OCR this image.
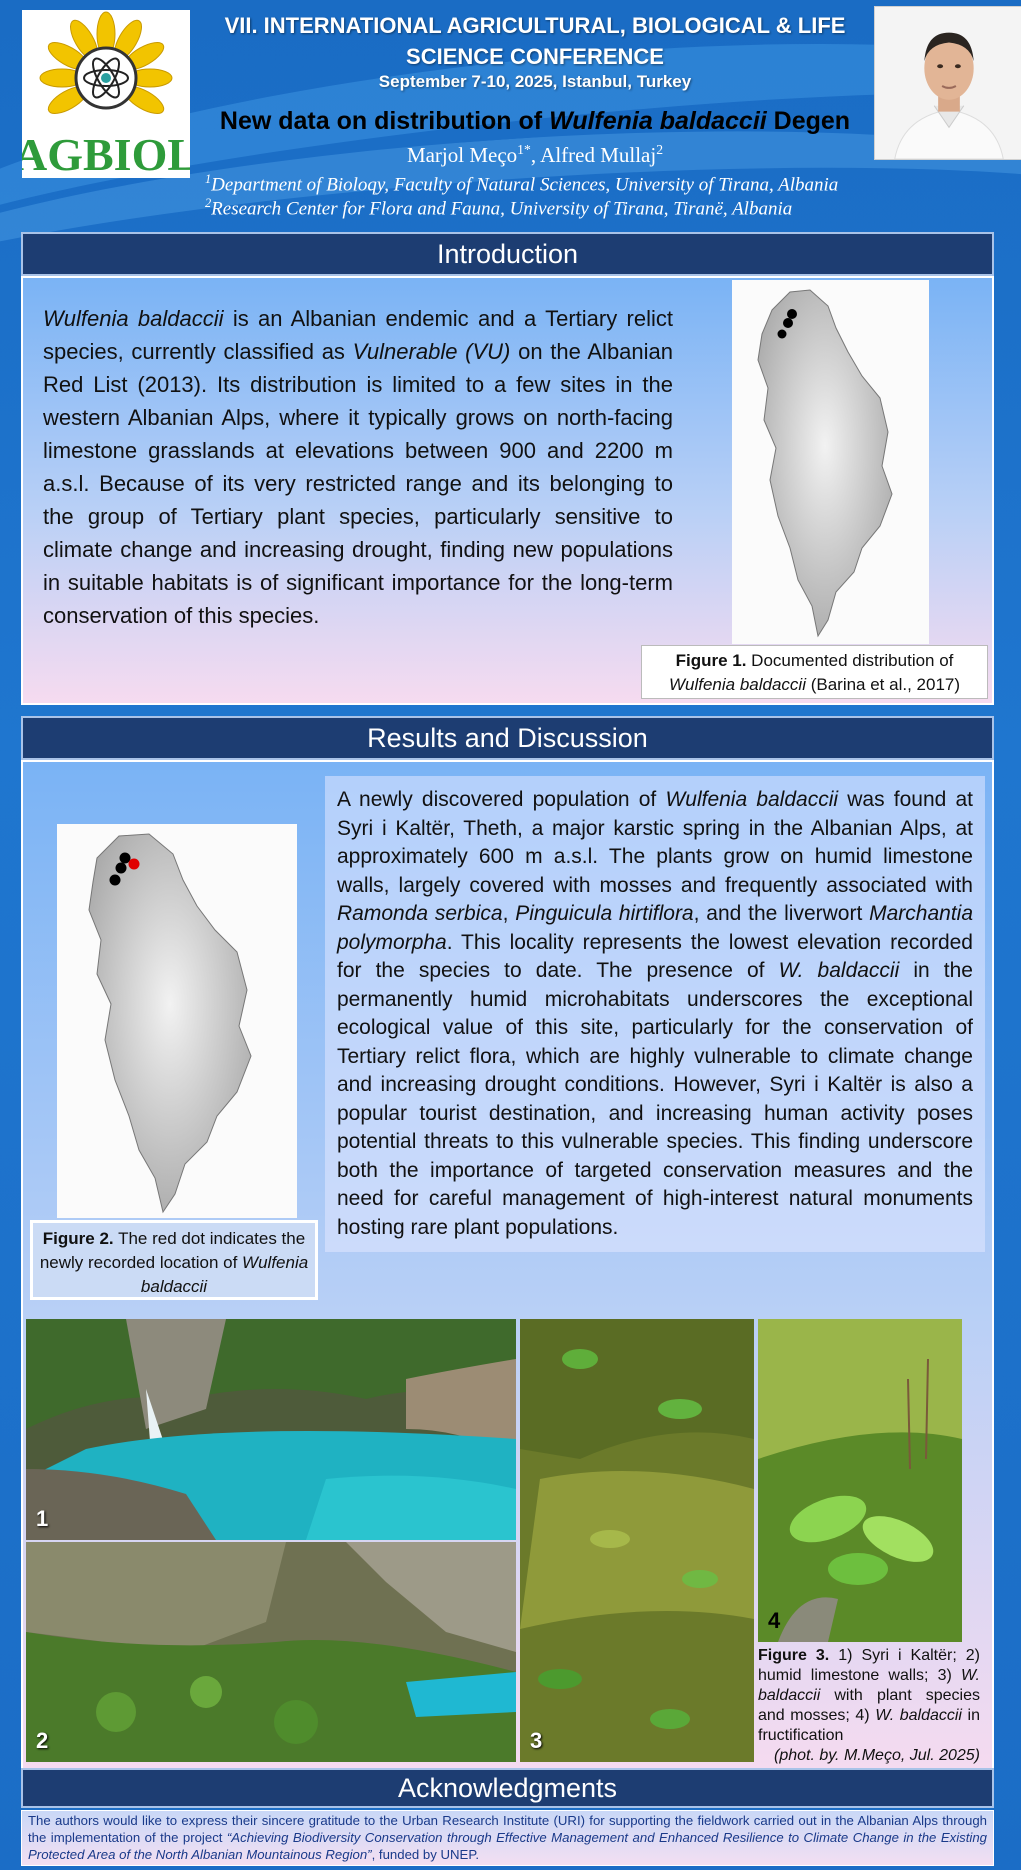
AGBIOL
VII. INTERNATIONAL AGRICULTURAL, BIOLOGICAL & LIFE
SCIENCE CONFERENCE
September 7-10, 2025, Istanbul, Turkey
New data on distribution of Wulfenia baldaccii Degen
Marjol Meço$^{1*}$, Alfred Mullaj$^2$
$^1$Department of Bioloqy, Faculty of Natural Sciences, University of Tirana, Albania
$^2$Research Center for Flora and Fauna, University of Tirana, Tiranë, Albania
Introduction

Wulfenia baldaccii is an Albanian endemic and a Tertiary relict species, currently classified as Vulnerable (VU) on the Albanian Red List (2013). Its distribution is limited to a few sites in the western Albanian Alps, where it typically grows on north-facing limestone grasslands at elevations between 900 and 2200 m a.s.l. Because of its very restricted range and its belonging to the group of Tertiary plant species, particularly sensitive to climate change and increasing drought, finding new populations in suitable habitats is of significant importance for the long-term conservation of this species.

Figure 1. Documented distribution of
Wulfenia baldaccii (Barina et al., 2017)
Results and Discussion
Figure 2. The red dot indicates the newly recorded location of Wulfenia baldaccii
A newly discovered population of Wulfenia baldaccii was found at Syri i Kaltër, Theth, a major karstic spring in the Albanian Alps, at approximately 600 m a.s.l. The plants grow on humid limestone walls, largely covered with mosses and frequently associated with Ramonda serbica, Pinguicula hirtiflora, and the liverwort Marchantia polymorpha. This locality represents the lowest elevation recorded for the species to date. The presence of W. baldaccii in the permanently humid microhabitats underscores the exceptional ecological value of this site, particularly for the conservation of Tertiary relict flora, which are highly vulnerable to climate change and increasing drought conditions. However, Syri i Kaltër is also a popular tourist destination, and increasing human activity poses potential threats to this vulnerable species. This finding underscore both the importance of targeted conservation measures and the need for careful management of high-interest natural monuments hosting rare plant populations.
1
2	3
4
Figure 3. 1) Syri i Kaltër; 2) humid limestone walls; 3) W. baldaccii with plant species and mosses; 4) W. baldaccii in fructification

(phot. by. M.Meço, Jul. 2025)
Acknowledgments
The authors would like to express their sincere gratitude to the Urban Research Institute (URI) for supporting the fieldwork carried out in the Albanian Alps through the implementation of the project “Achieving Biodiversity Conservation through Effective Management and Enhanced Resilience to Climate Change in the Existing Protected Area of the North Albanian Mountainous Region”, funded by UNEP.
